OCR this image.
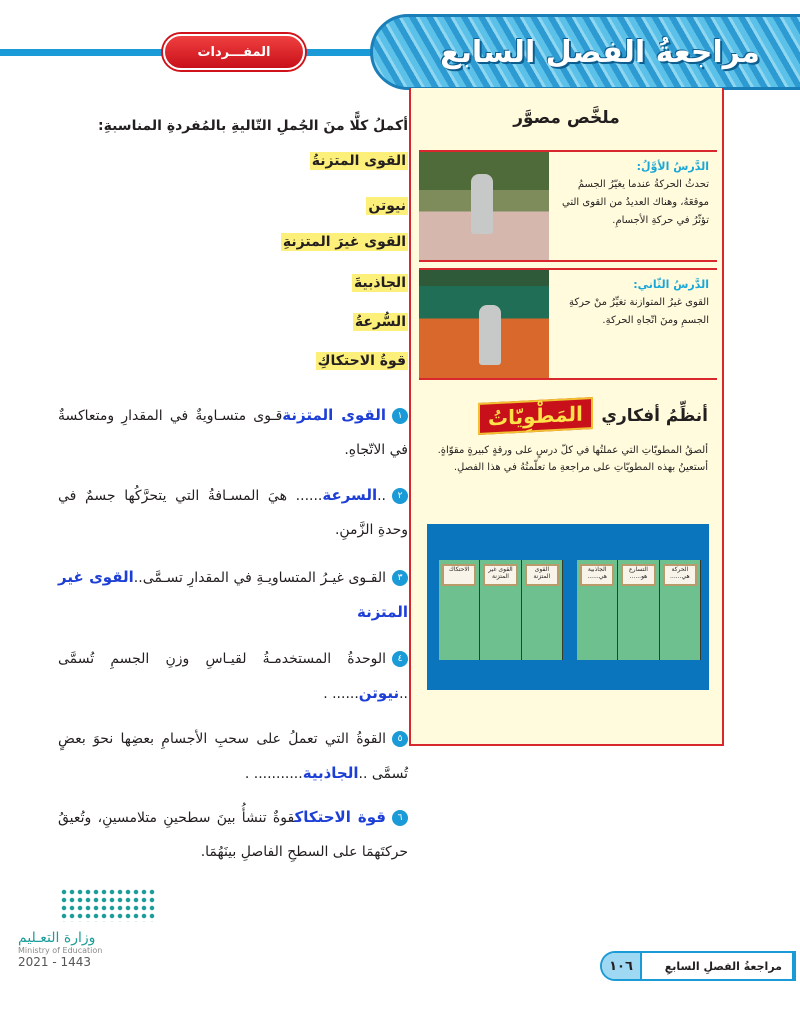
المفـــردات	مراجعةُ الفصل السابع
ملخَّص مصوَّر
الدَّرسُ الأوَّلُ:
تحدثُ الحركةُ عندما يغيّرُ الجسمُ موقعَهُ، وهناك العديدُ من القوى التي تؤثّرُ في حركةِ الأجسامِ.
الدَّرسُ الثّاني:
القوى غيرُ المتوازنة تغيِّرُ منْ حركةِ الجسمِ ومنَ اتّجاهِ الحركةِ.
أنظِّمُ أفكاري
المَطْوِيّاتُ
ألصقُ المطويّاتِ التي عملتُها في كلّ درسٍ على ورقةٍ كبيرةٍ مقوّاةٍ. أستعينُ بهذه المطويّاتِ على مراجعةِ ما تعلّمتُهُ في هذا الفصلِ.
الاحتكاك	القوى غير المتزنة
القوى المتزنة
الجاذبية هي......
التسارع هو......
الحركة هي......
أكملُ كلًّا منَ الجُملِ التّاليةِ بالمُفردةِ المناسبةِ:
القوى المتزنةُ
نيوتن
القوى غيرَ المتزنةِ
الجاذبيةَ
السُّرعةُ
قوةُ الاحتكاكِ
١القوى المتزنةقـوى متسـاويةٌ في المقدارِ ومتعاكسةٌ في الاتّجاهِ.
٢..السرعة...... هيَ المسـافةُ التي يتحرَّكُها جسمٌ في وحدةِ الزَّمنِ.
٣القـوى غيـرُ المتساويـةِ في المقدارِ تسـمَّى..القوى غير المتزنة
٤الوحدةُ المستخدمـةُ لقيـاسِ وزنِ الجسمِ تُسمَّى ..نيوتن...... .
٥القوةُ التي تعملُ على سحبِ الأجسامِ بعضِها نحوَ بعضٍ تُسمَّى ..الجاذبية........... .
٦قوة الاحتكاكقوةٌ تنشأُ بينَ سطحينِ متلامسينِ، وتُعيقُ حركتَهمَا على السطحِ الفاصلِ بينَهُمَا.
وزارة التعـليم
Ministry of Education
2021 - 1443	مراجعةُ الفصلِ السابعِ
١٠٦
